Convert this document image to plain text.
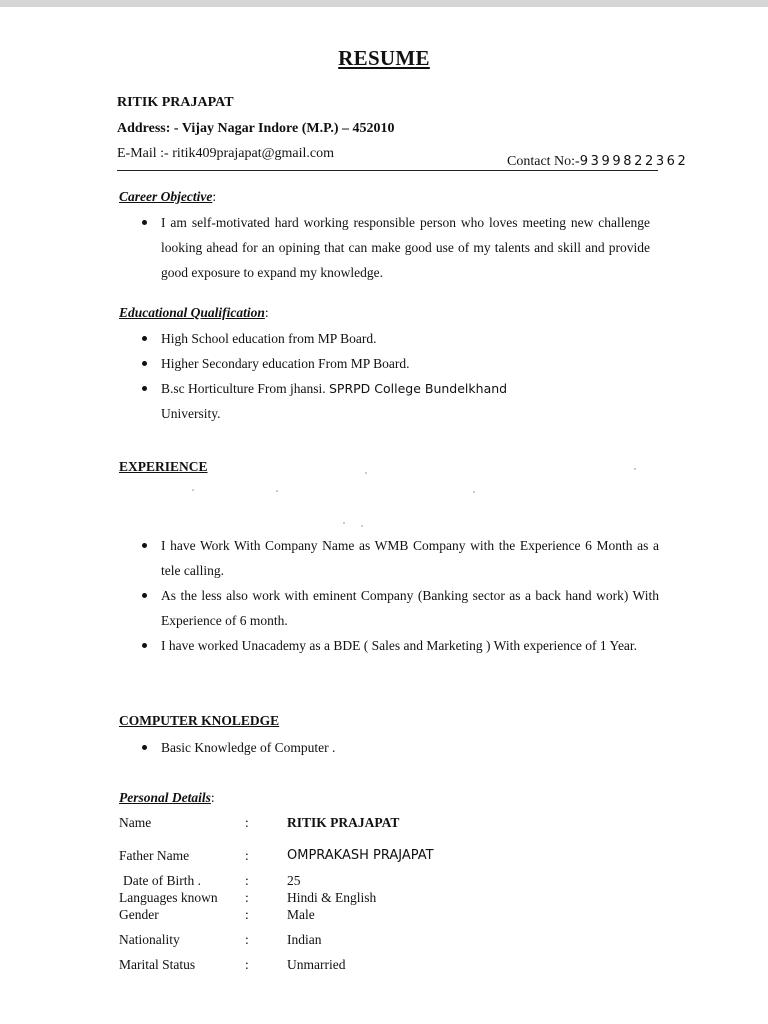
RESUME
RITIK PRAJAPAT
Address: - Vijay Nagar Indore (M.P.) – 452010
E-Mail :- ritik409prajapat@gmail.com
Contact No:-9399822362
Career Objective:
I am self-motivated hard working responsible person who loves meeting new challenge looking ahead for an opining that can make good use of my talents and skill and provide good exposure to expand my knowledge.
Educational Qualification:
High School education from MP Board.
Higher Secondary education From MP Board.
B.sc Horticulture From jhansi. SPRPD College Bundelkhand
University.
EXPERIENCE
I have Work With Company Name as WMB Company with the Experience 6 Month as a tele calling.
As the less also work with eminent Company (Banking sector as a back hand work) With Experience of 6 month.
I have worked Unacademy as a BDE ( Sales and Marketing ) With experience of 1 Year.
COMPUTER KNOLEDGE
Basic Knowledge of Computer .
Personal Details:
Name	:	RITIK PRAJAPAT
Father Name	:	OMPRAKASH PRAJAPAT
Date of Birth .	:	25
Languages known :	Hindi & English
Gender	:	Male
Nationality	:	Indian
Marital Status	:	Unmarried
